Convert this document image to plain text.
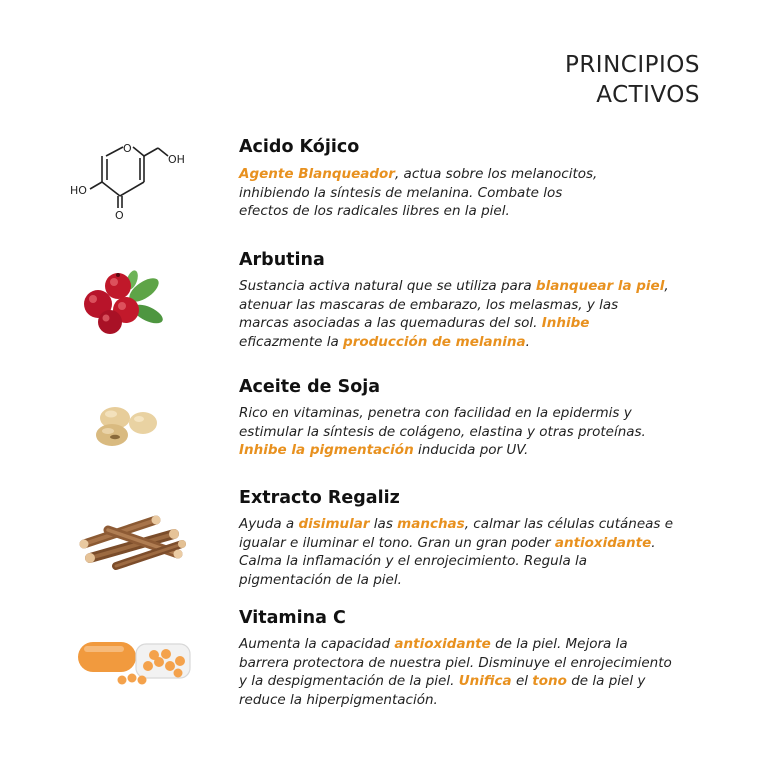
PRINCIPIOS
ACTIVOS
O
OH
HO
O
Acido Kójico
Agente Blanqueador, actua sobre los melanocitos,
inhibiendo la síntesis de melanina. Combate los
efectos de los radicales libres en la piel.
Arbutina
Sustancia activa natural que se utiliza para blanquear la piel,
atenuar las mascaras de embarazo, los melasmas, y las
marcas asociadas a las quemaduras del sol. Inhibe
eficazmente la producción de melanina.
Aceite de Soja
Rico en vitaminas, penetra con facilidad en la epidermis y
estimular la síntesis de colágeno, elastina y otras proteínas.
Inhibe la pigmentación inducida por UV.
Extracto Regaliz
Ayuda a disimular las manchas, calmar las células cutáneas e
igualar e iluminar el tono. Gran un gran poder antioxidante.
Calma la inflamación y el enrojecimiento. Regula la
pigmentación de la piel.
Vitamina C
Aumenta la capacidad antioxidante de la piel. Mejora la
barrera protectora de nuestra piel. Disminuye el enrojecimiento
y la despigmentación de la piel. Unifica el tono de la piel y
reduce la hiperpigmentación.
